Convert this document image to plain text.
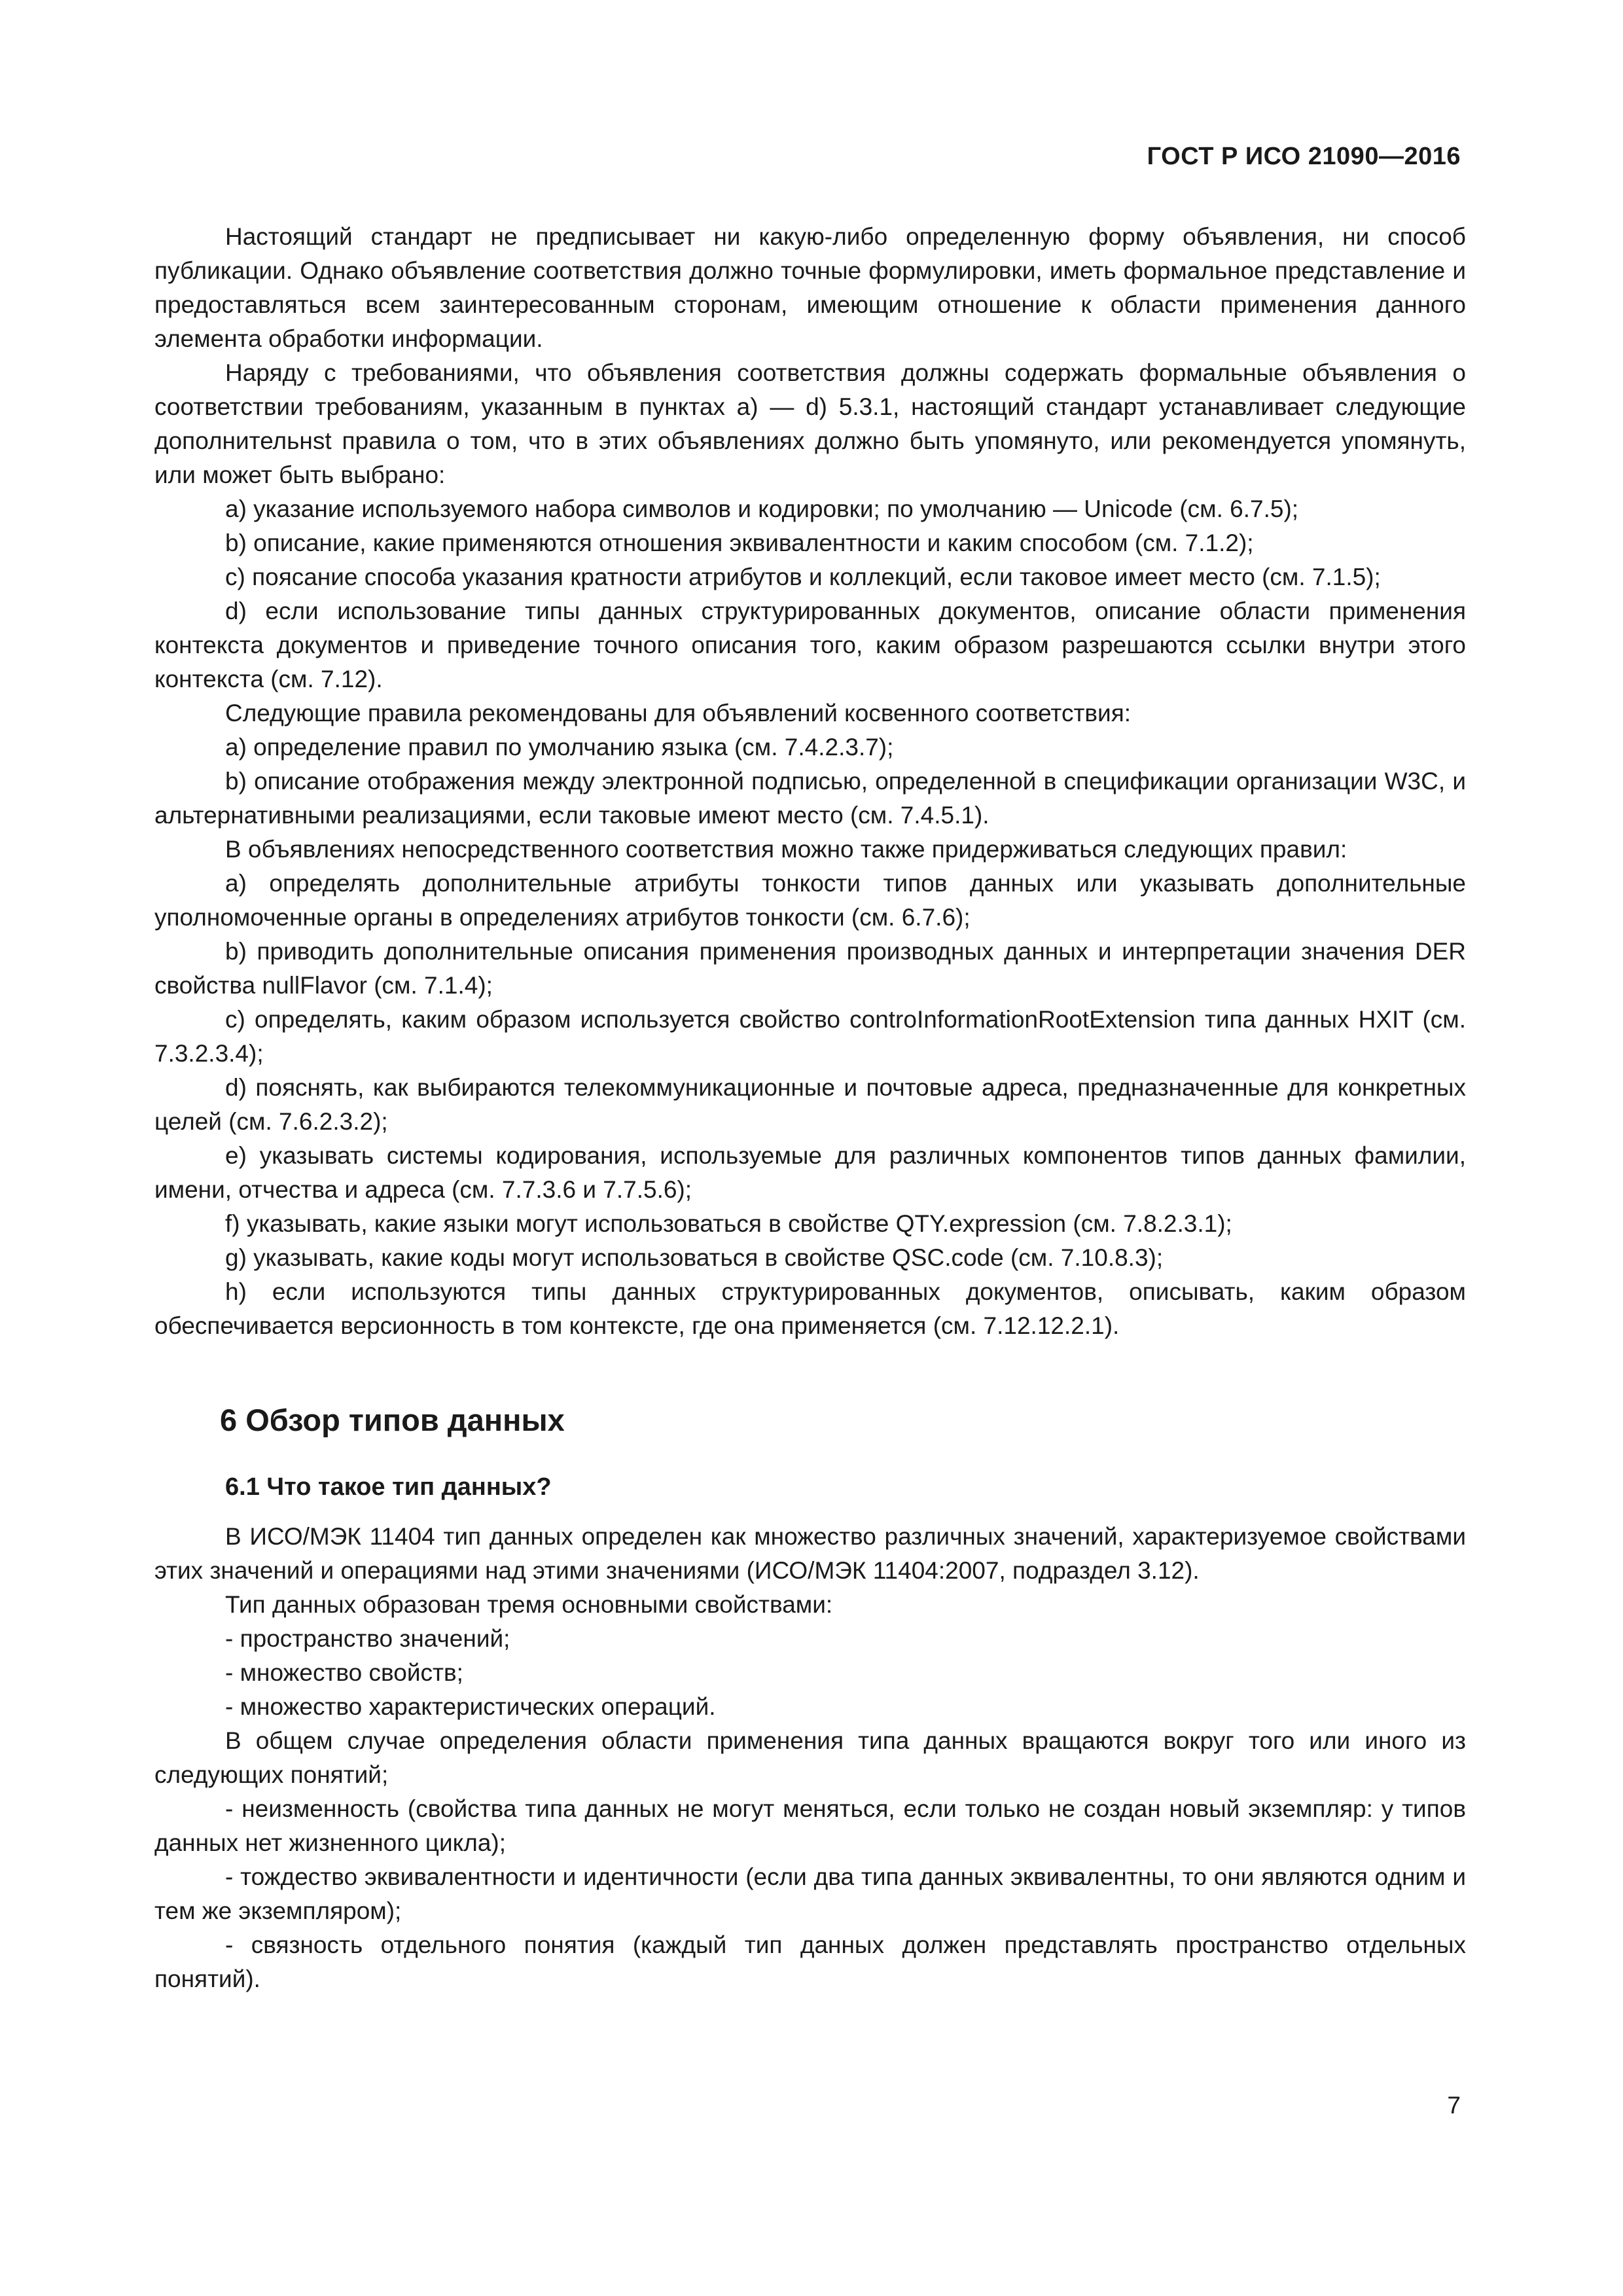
ГОСТ Р ИСО 21090—2016

Настоящий стандарт не предписывает ни какую-либо определенную форму объявления, ни способ публикации. Однако объявление соответствия должно точные формулировки, иметь формальное представление и предоставляться всем заинтересованным сторонам, имеющим отношение к области применения данного элемента обработки информации.

Наряду с требованиями, что объявления соответствия должны содержать формальные объявления о соответствии требованиям, указанным в пунктах а) — d) 5.3.1, настоящий стандарт устанавливает следующие дополнительнst правила о том, что в этих объявлениях должно быть упомянуто, или рекомендуется упомянуть, или может быть выбрано:

a) указание используемого набора символов и кодировки; по умолчанию — Unicode (см. 6.7.5);

b) описание, какие применяются отношения эквивалентности и каким способом (см. 7.1.2);

c) поясание способа указания кратности атрибутов и коллекций, если таковое имеет место (см. 7.1.5);

d) если использование типы данных структурированных документов, описание области применения контекста документов и приведение точного описания того, каким образом разрешаются ссылки внутри этого контекста (см. 7.12).

Следующие правила рекомендованы для объявлений косвенного соответствия:

a) определение правил по умолчанию языка (см. 7.4.2.3.7);

b) описание отображения между электронной подписью, определенной в спецификации организации W3C, и альтернативными реализациями, если таковые имеют место (см. 7.4.5.1).

В объявлениях непосредственного соответствия можно также придерживаться следующих правил:

a) определять дополнительные атрибуты тонкости типов данных или указывать дополнительные уполномоченные органы в определениях атрибутов тонкости (см. 6.7.6);

b) приводить дополнительные описания применения производных данных и интерпретации значения DER свойства nullFlavor (см. 7.1.4);

c) определять, каким образом используется свойство controInformationRootExtension типа данных HXIT (см. 7.3.2.3.4);

d) пояснять, как выбираются телекоммуникационные и почтовые адреса, предназначенные для конкретных целей (см. 7.6.2.3.2);

e) указывать системы кодирования, используемые для различных компонентов типов данных фамилии, имени, отчества и адреса (см. 7.7.3.6 и 7.7.5.6);

f) указывать, какие языки могут использоваться в свойстве QTY.expression (см. 7.8.2.3.1);

g) указывать, какие коды могут использоваться в свойстве QSC.code (см. 7.10.8.3);

h) если используются типы данных структурированных документов, описывать, каким образом обеспечивается версионность в том контексте, где она применяется (см. 7.12.12.2.1).

6 Обзор типов данных
6.1 Что такое тип данных?

В ИСО/МЭК 11404 тип данных определен как множество различных значений, характеризуемое свойствами этих значений и операциями над этими значениями (ИСО/МЭК 11404:2007, подраздел 3.12).

Тип данных образован тремя основными свойствами:

- пространство значений;

- множество свойств;

- множество характеристических операций.

В общем случае определения области применения типа данных вращаются вокруг того или иного из следующих понятий;

- неизменность (свойства типа данных не могут меняться, если только не создан новый экземпляр: у типов данных нет жизненного цикла);

- тождество эквивалентности и идентичности (если два типа данных эквивалентны, то они являются одним и тем же экземпляром);

- связность отдельного понятия (каждый тип данных должен представлять пространство отдельных понятий).

7
